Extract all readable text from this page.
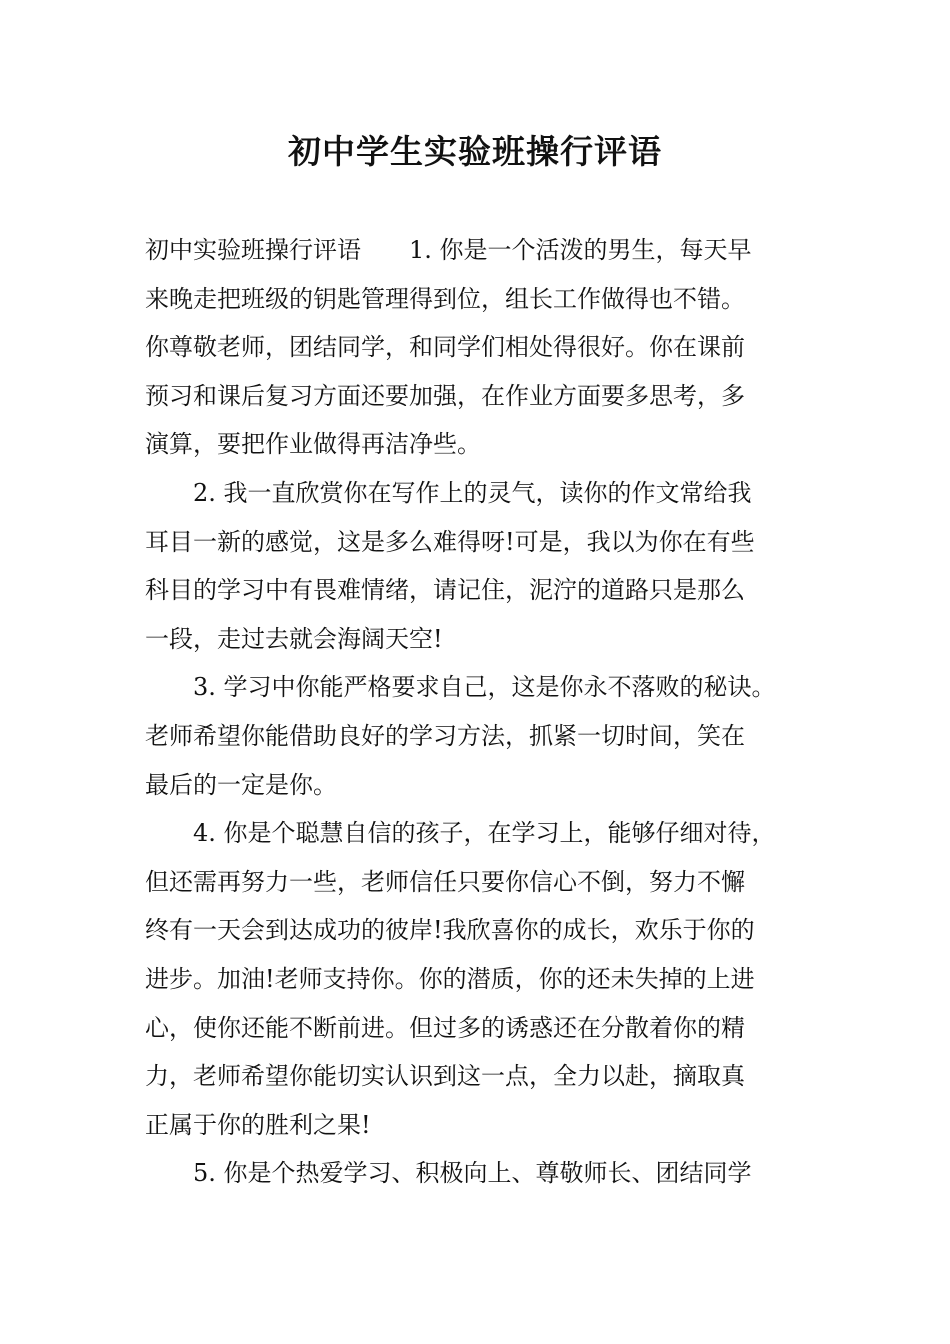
初中学生实验班操行评语
初中实验班操行评语 1. 你是一个活泼的男生，每天早
来晚走把班级的钥匙管理得到位，组长工作做得也不错。
你尊敬老师，团结同学，和同学们相处得很好。你在课前
预习和课后复习方面还要加强，在作业方面要多思考，多
演算，要把作业做得再洁净些。
2. 我一直欣赏你在写作上的灵气，读你的作文常给我
耳目一新的感觉，这是多么难得呀!可是，我以为你在有些
科目的学习中有畏难情绪，请记住，泥泞的道路只是那么
一段，走过去就会海阔天空!
3. 学习中你能严格要求自己，这是你永不落败的秘诀。
老师希望你能借助良好的学习方法，抓紧一切时间，笑在
最后的一定是你。
4. 你是个聪慧自信的孩子，在学习上，能够仔细对待，
但还需再努力一些，老师信任只要你信心不倒，努力不懈
终有一天会到达成功的彼岸!我欣喜你的成长，欢乐于你的
进步。加油!老师支持你。你的潜质，你的还未失掉的上进
心，使你还能不断前进。但过多的诱惑还在分散着你的精
力，老师希望你能切实认识到这一点，全力以赴，摘取真
正属于你的胜利之果!
5. 你是个热爱学习、积极向上、尊敬师长、团结同学
